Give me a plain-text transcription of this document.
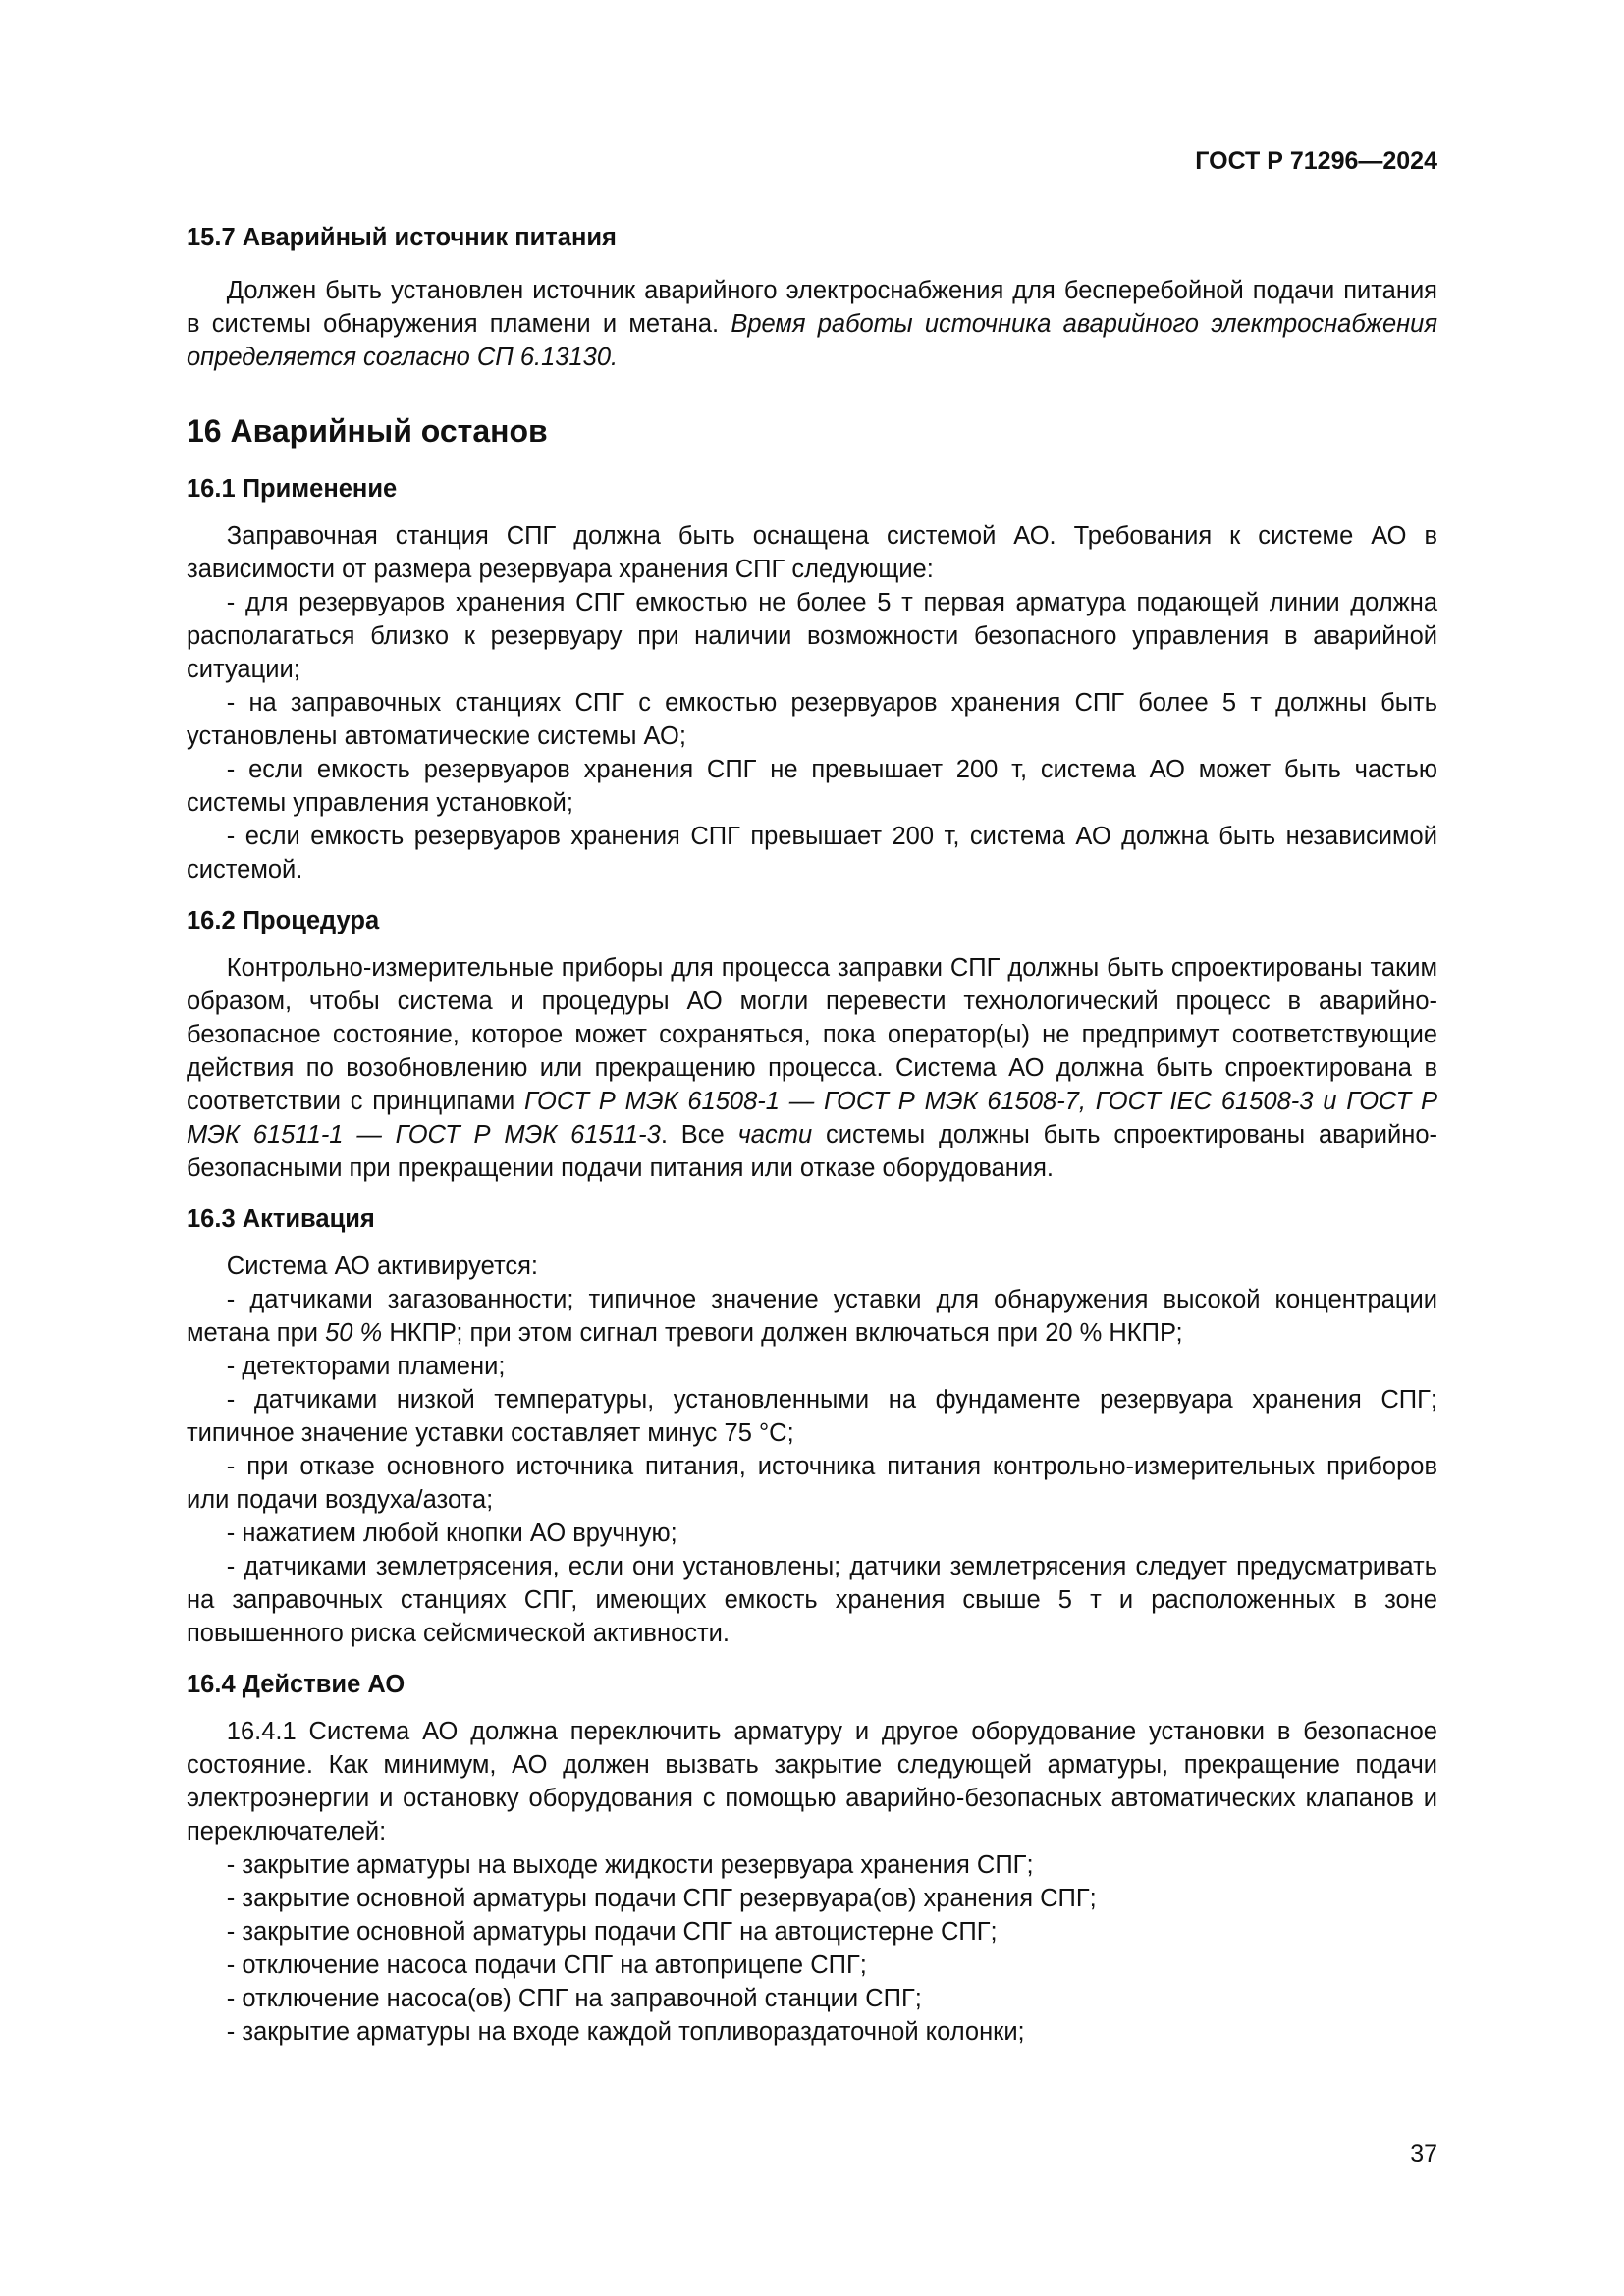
ГОСТ Р 71296—2024
15.7 Аварийный источник питания

Должен быть установлен источник аварийного электроснабжения для бесперебойной подачи питания в системы обнаружения пламени и метана. Время работы источника аварийного электроснабжения определяется согласно СП 6.13130.

16 Аварийный останов
16.1 Применение

Заправочная станция СПГ должна быть оснащена системой АО. Требования к системе АО в зависимости от размера резервуара хранения СПГ следующие:

- для резервуаров хранения СПГ емкостью не более 5 т первая арматура подающей линии должна располагаться близко к резервуару при наличии возможности безопасного управления в аварийной ситуации;

- на заправочных станциях СПГ с емкостью резервуаров хранения СПГ более 5 т должны быть установлены автоматические системы АО;

- если емкость резервуаров хранения СПГ не превышает 200 т, система АО может быть частью системы управления установкой;

- если емкость резервуаров хранения СПГ превышает 200 т, система АО должна быть независимой системой.

16.2 Процедура

Контрольно-измерительные приборы для процесса заправки СПГ должны быть спроектированы таким образом, чтобы система и процедуры АО могли перевести технологический процесс в аварийно-безопасное состояние, которое может сохраняться, пока оператор(ы) не предпримут соответствующие действия по возобновлению или прекращению процесса. Система АО должна быть спроектирована в соответствии с принципами ГОСТ Р МЭК 61508-1 — ГОСТ Р МЭК 61508-7, ГОСТ IEC 61508-3 и ГОСТ Р МЭК 61511-1 — ГОСТ Р МЭК 61511-3. Все части системы должны быть спроектированы аварийно-безопасными при прекращении подачи питания или отказе оборудования.

16.3 Активация

Система АО активируется:

- датчиками загазованности; типичное значение уставки для обнаружения высокой концентрации метана при 50 % НКПР; при этом сигнал тревоги должен включаться при 20 % НКПР;

- детекторами пламени;

- датчиками низкой температуры, установленными на фундаменте резервуара хранения СПГ; типичное значение уставки составляет минус 75 °С;

- при отказе основного источника питания, источника питания контрольно-измерительных приборов или подачи воздуха/азота;

- нажатием любой кнопки АО вручную;

- датчиками землетрясения, если они установлены; датчики землетрясения следует предусматривать на заправочных станциях СПГ, имеющих емкость хранения свыше 5 т и расположенных в зоне повышенного риска сейсмической активности.

16.4 Действие АО

16.4.1 Система АО должна переключить арматуру и другое оборудование установки в безопасное состояние. Как минимум, АО должен вызвать закрытие следующей арматуры, прекращение подачи электроэнергии и остановку оборудования с помощью аварийно-безопасных автоматических клапанов и переключателей:

- закрытие арматуры на выходе жидкости резервуара хранения СПГ;

- закрытие основной арматуры подачи СПГ резервуара(ов) хранения СПГ;

- закрытие основной арматуры подачи СПГ на автоцистерне СПГ;

- отключение насоса подачи СПГ на автоприцепе СПГ;

- отключение насоса(ов) СПГ на заправочной станции СПГ;

- закрытие арматуры на входе каждой топливораздаточной колонки;

37
